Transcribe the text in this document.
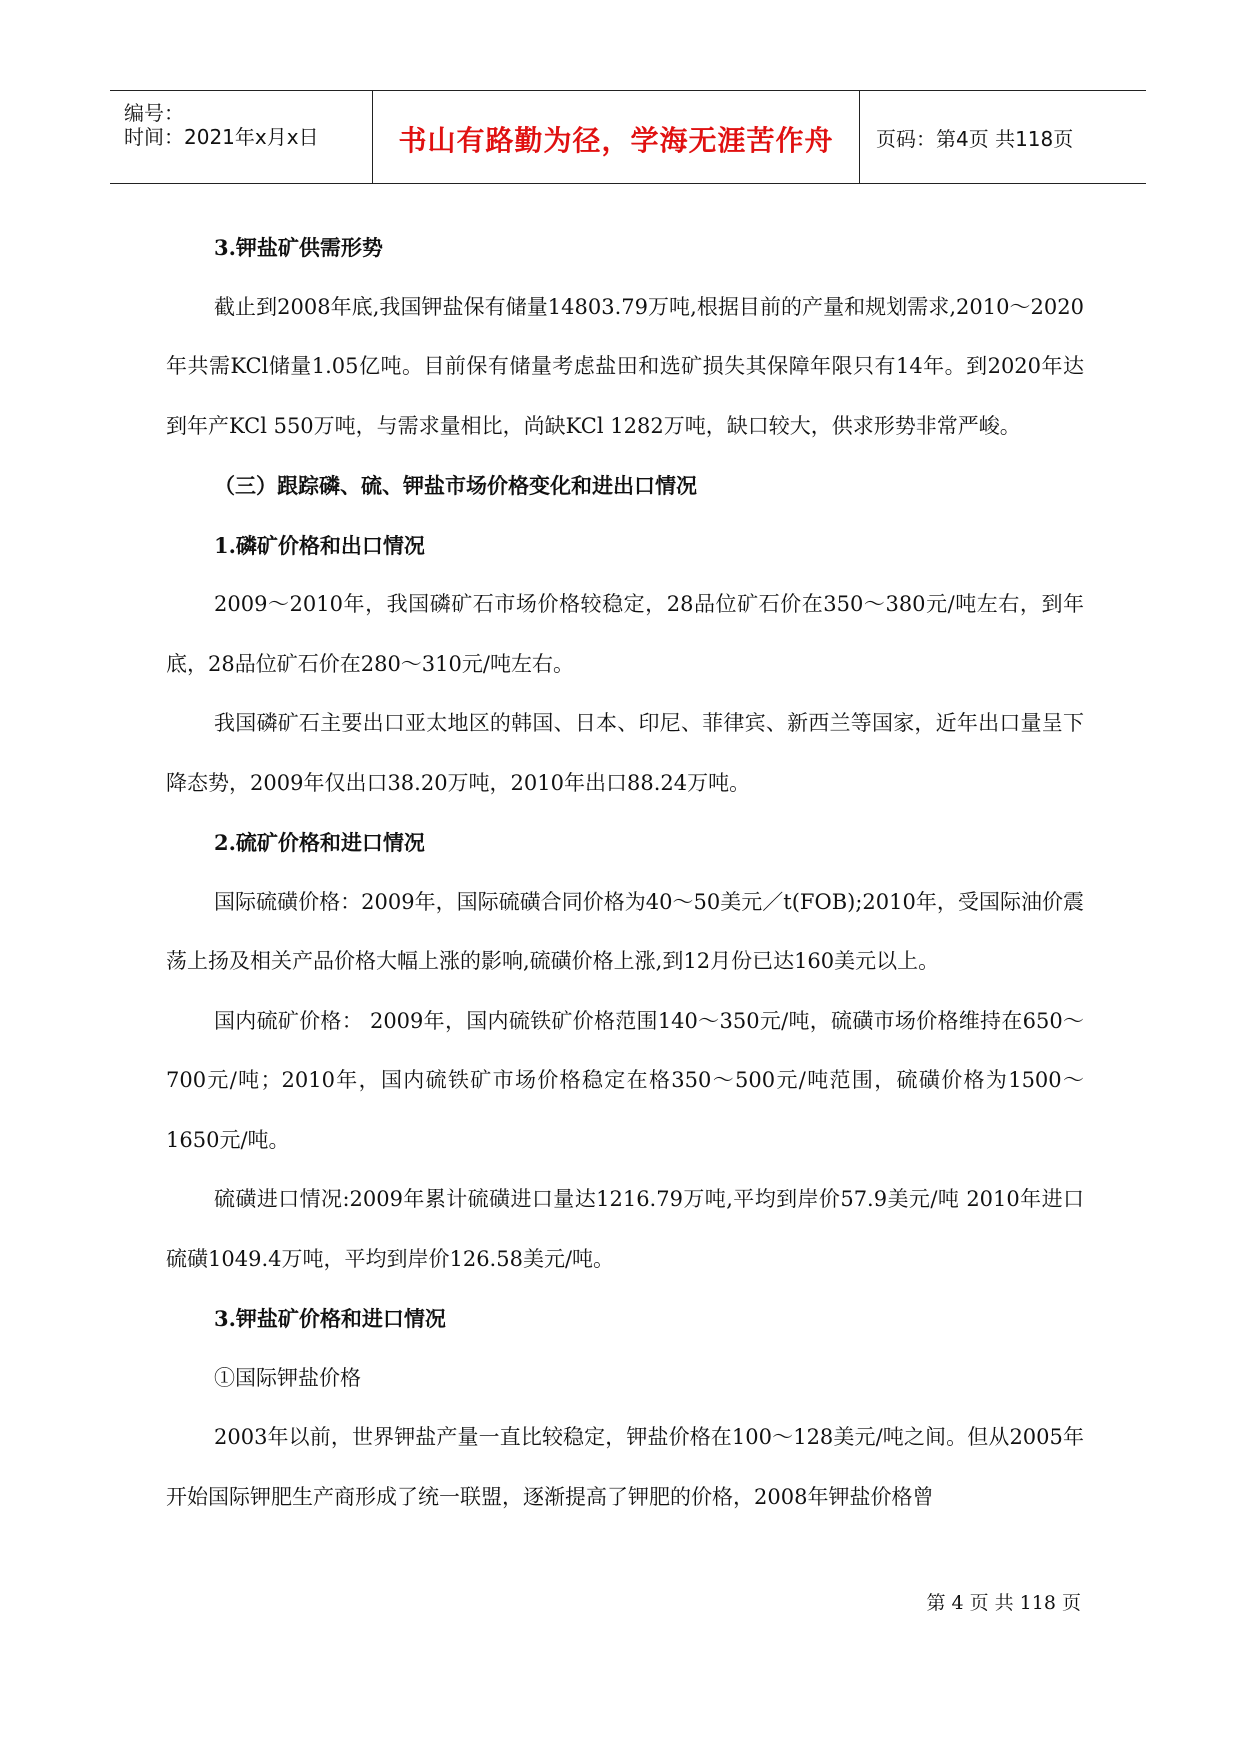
编号：
时间：2021年x月x日	书山有路勤为径，学海无涯苦作舟	页码：第4页 共118页

3.钾盐矿供需形势

截止到2008年底,我国钾盐保有储量14803.79万吨,根据目前的产量和规划需求,2010～2020年共需KCl储量1.05亿吨。目前保有储量考虑盐田和选矿损失其保障年限只有14年。到2020年达到年产KCl 550万吨，与需求量相比，尚缺KCl 1282万吨，缺口较大，供求形势非常严峻。

（三）跟踪磷、硫、钾盐市场价格变化和进出口情况

1.磷矿价格和出口情况

2009～2010年，我国磷矿石市场价格较稳定，28品位矿石价在350～380元/吨左右，到年底，28品位矿石价在280～310元/吨左右。

我国磷矿石主要出口亚太地区的韩国、日本、印尼、菲律宾、新西兰等国家，近年出口量呈下降态势，2009年仅出口38.20万吨，2010年出口88.24万吨。

2.硫矿价格和进口情况

国际硫磺价格：2009年，国际硫磺合同价格为40～50美元／t(FOB);2010年，受国际油价震荡上扬及相关产品价格大幅上涨的影响,硫磺价格上涨,到12月份已达160美元以上。

国内硫矿价格： 2009年，国内硫铁矿价格范围140～350元/吨，硫磺市场价格维持在650～700元/吨；2010年，国内硫铁矿市场价格稳定在格350～500元/吨范围，硫磺价格为1500～1650元/吨。

硫磺进口情况:2009年累计硫磺进口量达1216.79万吨,平均到岸价57.9美元/吨 2010年进口硫磺1049.4万吨，平均到岸价126.58美元/吨。

3.钾盐矿价格和进口情况

①国际钾盐价格

2003年以前，世界钾盐产量一直比较稳定，钾盐价格在100～128美元/吨之间。但从2005年开始国际钾肥生产商形成了统一联盟，逐渐提高了钾肥的价格，2008年钾盐价格曾

第 4 页 共 118 页
